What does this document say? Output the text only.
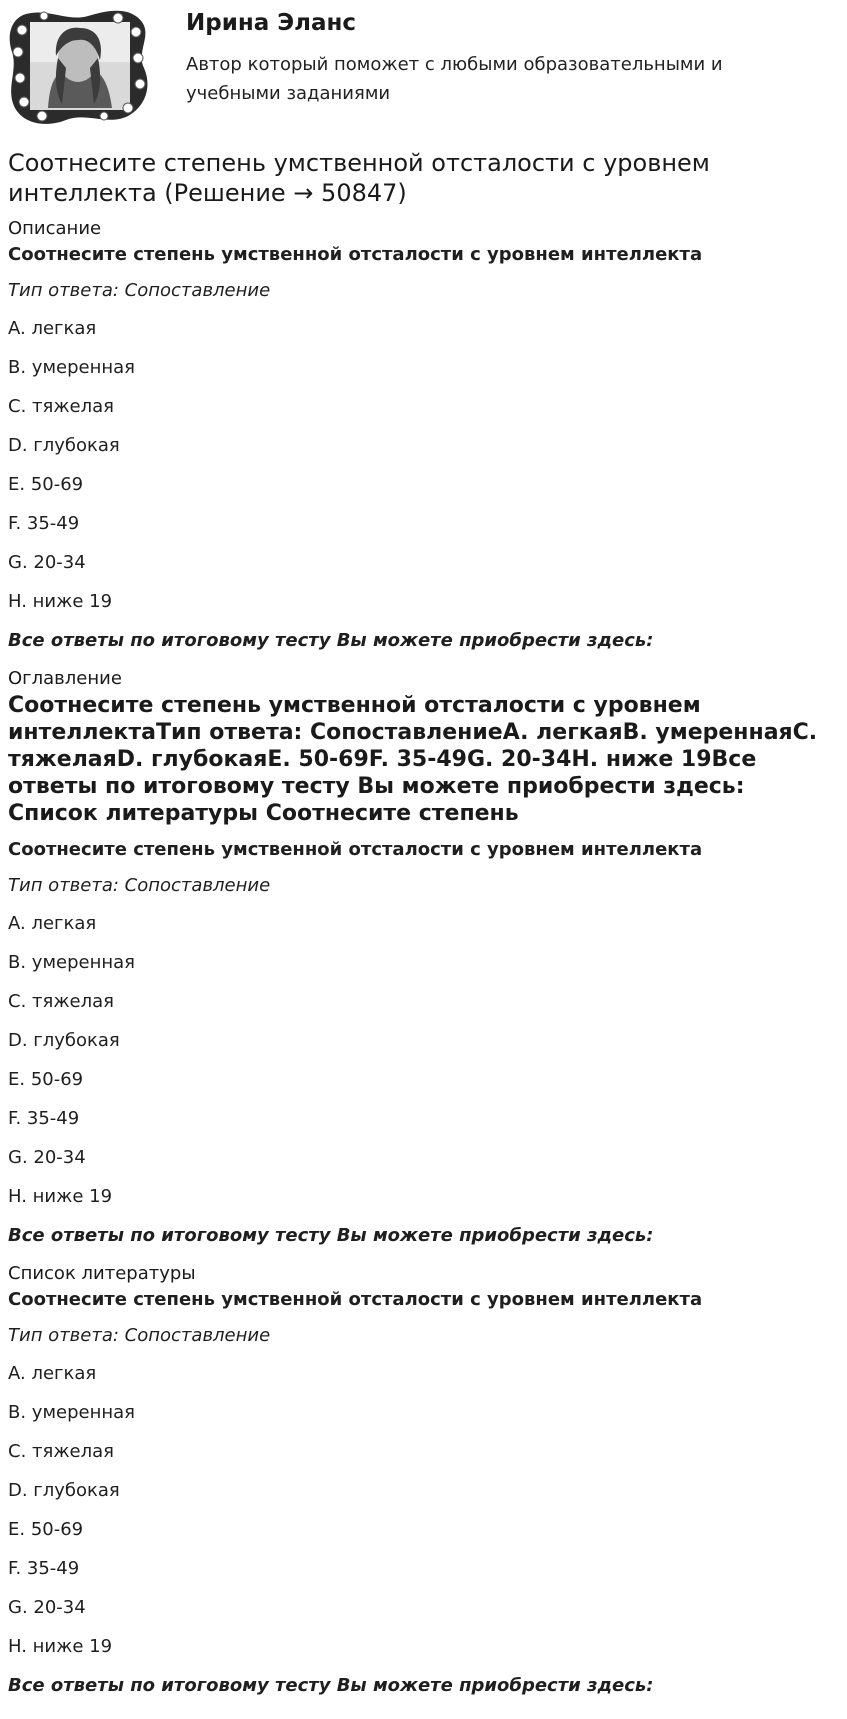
Ирина Эланс
Автор который поможет с любыми образовательными и учебными заданиями
Соотнесите степень умственной отсталости с уровнем интеллекта (Решение → 50847)

Описание

Соотнесите степень умственной отсталости с уровнем интеллекта

Тип ответа: Сопоставление

A. легкая

B. умеренная

C. тяжелая

D. глубокая

E. 50-69

F. 35-49

G. 20-34

H. ниже 19

Все ответы по итоговому тесту Вы можете приобрести здесь:

Оглавление

Соотнесите степень умственной отсталости с уровнем интеллектаТип ответа: СопоставлениеA. легкаяB. умереннаяC. тяжелаяD. глубокаяE. 50-69F. 35-49G. 20-34H. ниже 19Все ответы по итоговому тесту Вы можете приобрести здесь: Список литературы Соотнесите степень

Соотнесите степень умственной отсталости с уровнем интеллекта

Тип ответа: Сопоставление

A. легкая

B. умеренная

C. тяжелая

D. глубокая

E. 50-69

F. 35-49

G. 20-34

H. ниже 19

Все ответы по итоговому тесту Вы можете приобрести здесь:

Список литературы

Соотнесите степень умственной отсталости с уровнем интеллекта

Тип ответа: Сопоставление

A. легкая

B. умеренная

C. тяжелая

D. глубокая

E. 50-69

F. 35-49

G. 20-34

H. ниже 19

Все ответы по итоговому тесту Вы можете приобрести здесь:
